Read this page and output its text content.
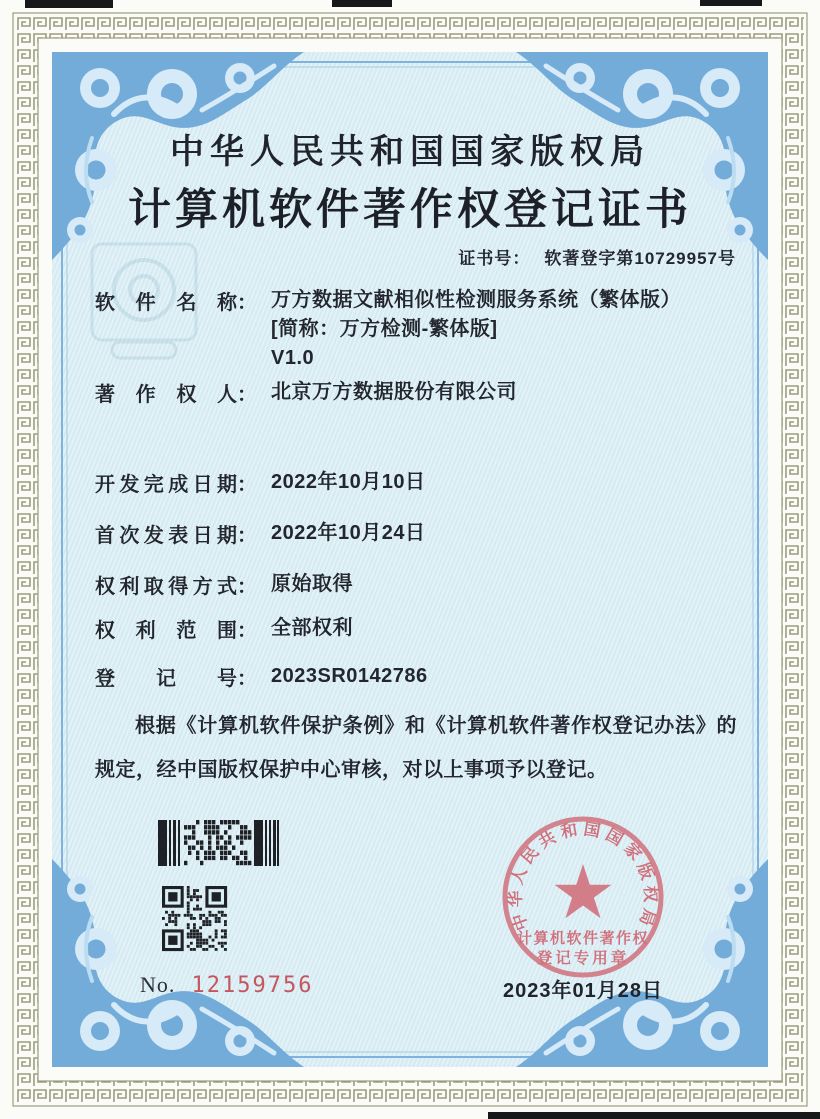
中华人民共和国国家版权局
计算机软件著作权登记证书
证书号： 软著登字第10729957号
软件名称 ： 万方数据文献相似性检测服务系统（繁体版）
[简称：万方检测-繁体版]
V1.0
著作权人 ： 北京万方数据股份有限公司
开发完成日期 ： 2022年10月10日
首次发表日期 ： 2022年10月24日
权利取得方式 ： 原始取得
权利范围 ： 全部权利
登记号 ： 2023SR0142786
根据《计算机软件保护条例》和《计算机软件著作权登记办法》的规定，经中国版权保护中心审核，对以上事项予以登记。
No. 12159756
中华人民共和国国家版权局
计算机软件著作权
登记专用章
2023年01月28日
